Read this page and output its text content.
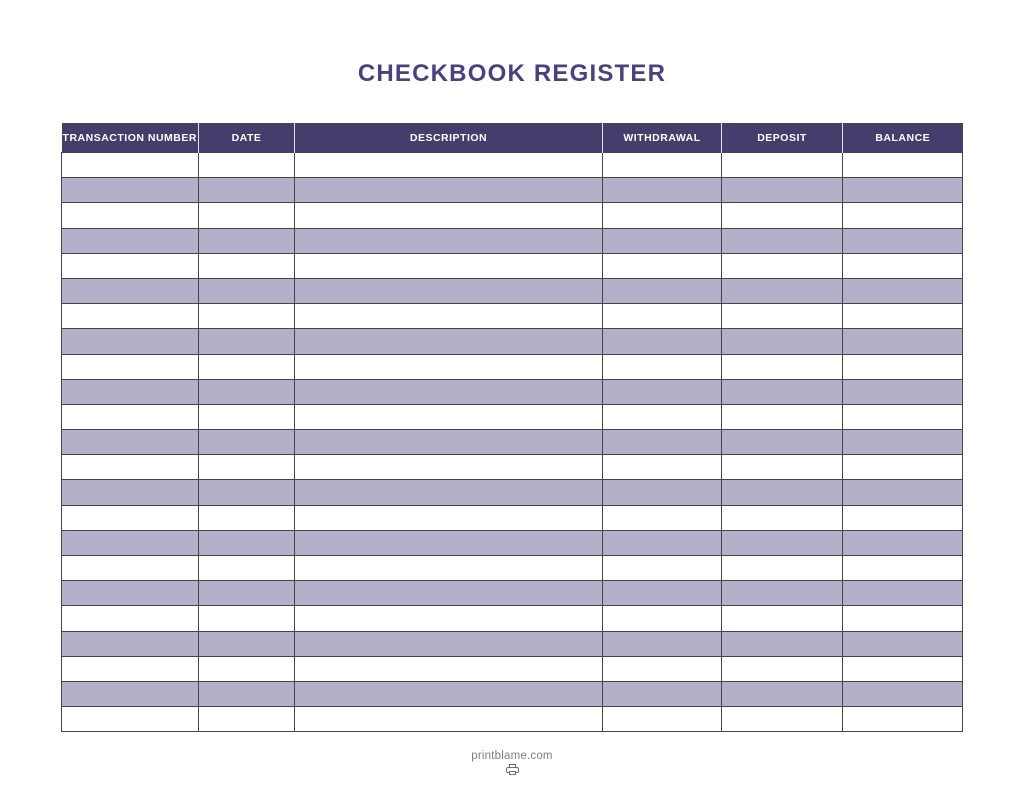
CHECKBOOK REGISTER
TRANSACTION NUMBER	DATE	DESCRIPTION	WITHDRAWAL	DEPOSIT	BALANCE

printblame.com
